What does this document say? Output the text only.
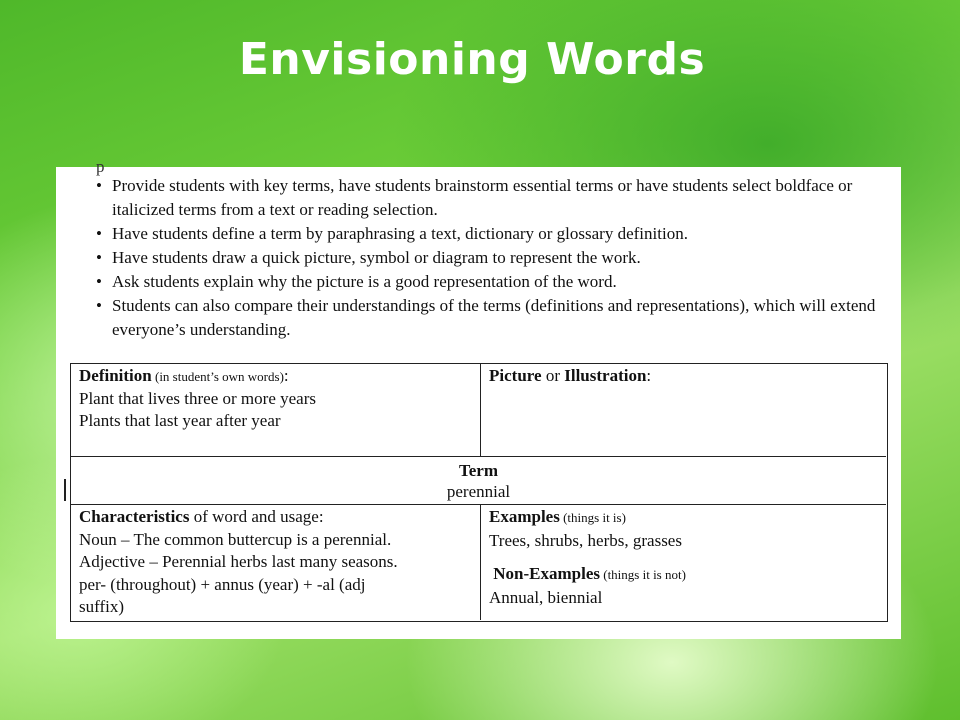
Envisioning Words
p
• Provide students with key terms, have students brainstorm essential terms or have students select boldface or italicized terms from a text or reading selection.
• Have students define a term by paraphrasing a text, dictionary or glossary definition.
• Have students draw a quick picture, symbol or diagram to represent the work.
• Ask students explain why the picture is a good representation of the word.
• Students can also compare their understandings of the terms (definitions and representations), which will extend everyone’s understanding.
Definition (in student’s own words):
Plant that lives three or more years
Plants that last year after year
Picture or Illustration:
Term
perennial
Characteristics of word and usage:
Noun – The common buttercup is a perennial.
Adjective – Perennial herbs last many seasons.
per- (throughout) + annus (year) + -al (adj
suffix)
Examples (things it is)
Trees, shrubs, herbs, grasses
Non-Examples (things it is not)
Annual, biennial
